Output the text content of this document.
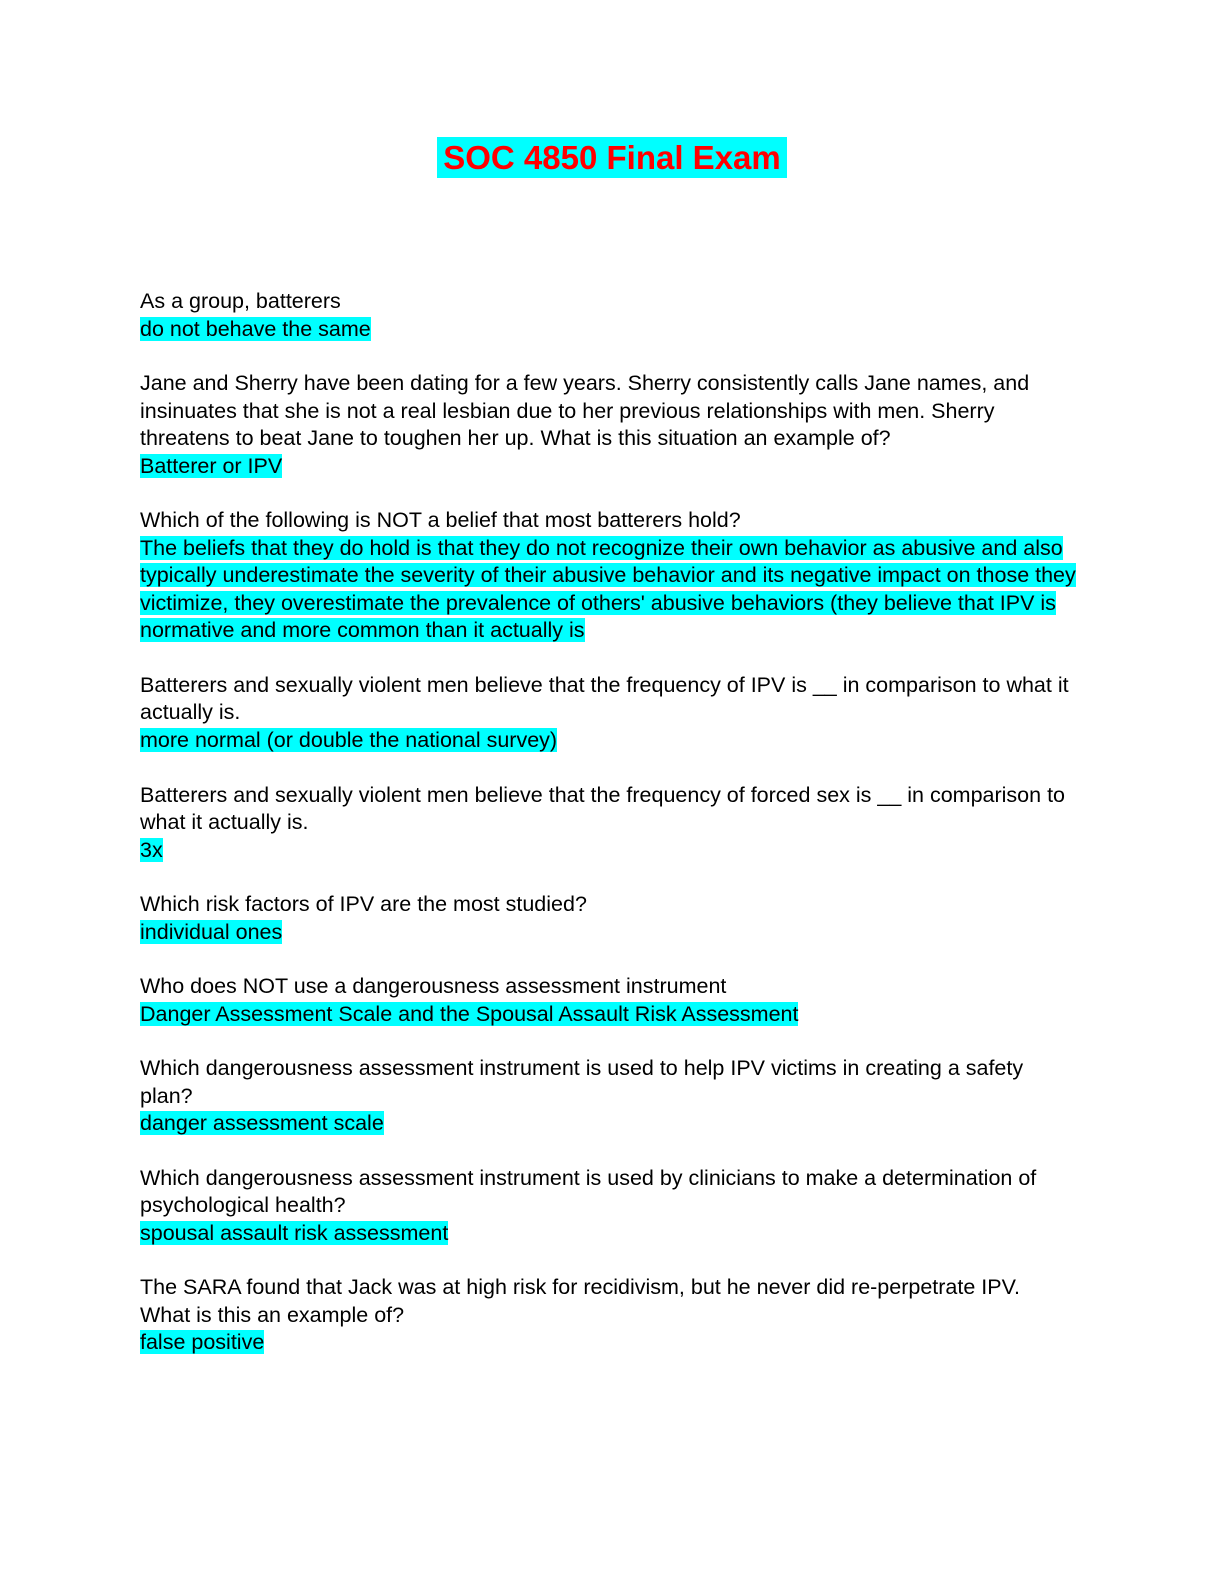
SOC 4850 Final Exam

As a group, batterers

do not behave the same

Jane and Sherry have been dating for a few years. Sherry consistently calls Jane names, and insinuates that she is not a real lesbian due to her previous relationships with men. Sherry threatens to beat Jane to toughen her up. What is this situation an example of?

Batterer or IPV

Which of the following is NOT a belief that most batterers hold?

The beliefs that they do hold is that they do not recognize their own behavior as abusive and also typically underestimate the severity of their abusive behavior and its negative impact on those they victimize, they overestimate the prevalence of others' abusive behaviors (they believe that IPV is normative and more common than it actually is

Batterers and sexually violent men believe that the frequency of IPV is __ in comparison to what it actually is.

more normal (or double the national survey)

Batterers and sexually violent men believe that the frequency of forced sex is __ in comparison to what it actually is.

3x

Which risk factors of IPV are the most studied?

individual ones

Who does NOT use a dangerousness assessment instrument

Danger Assessment Scale and the Spousal Assault Risk Assessment

Which dangerousness assessment instrument is used to help IPV victims in creating a safety plan?

danger assessment scale

Which dangerousness assessment instrument is used by clinicians to make a determination of psychological health?

spousal assault risk assessment

The SARA found that Jack was at high risk for recidivism, but he never did re-perpetrate IPV. What is this an example of?

false positive
